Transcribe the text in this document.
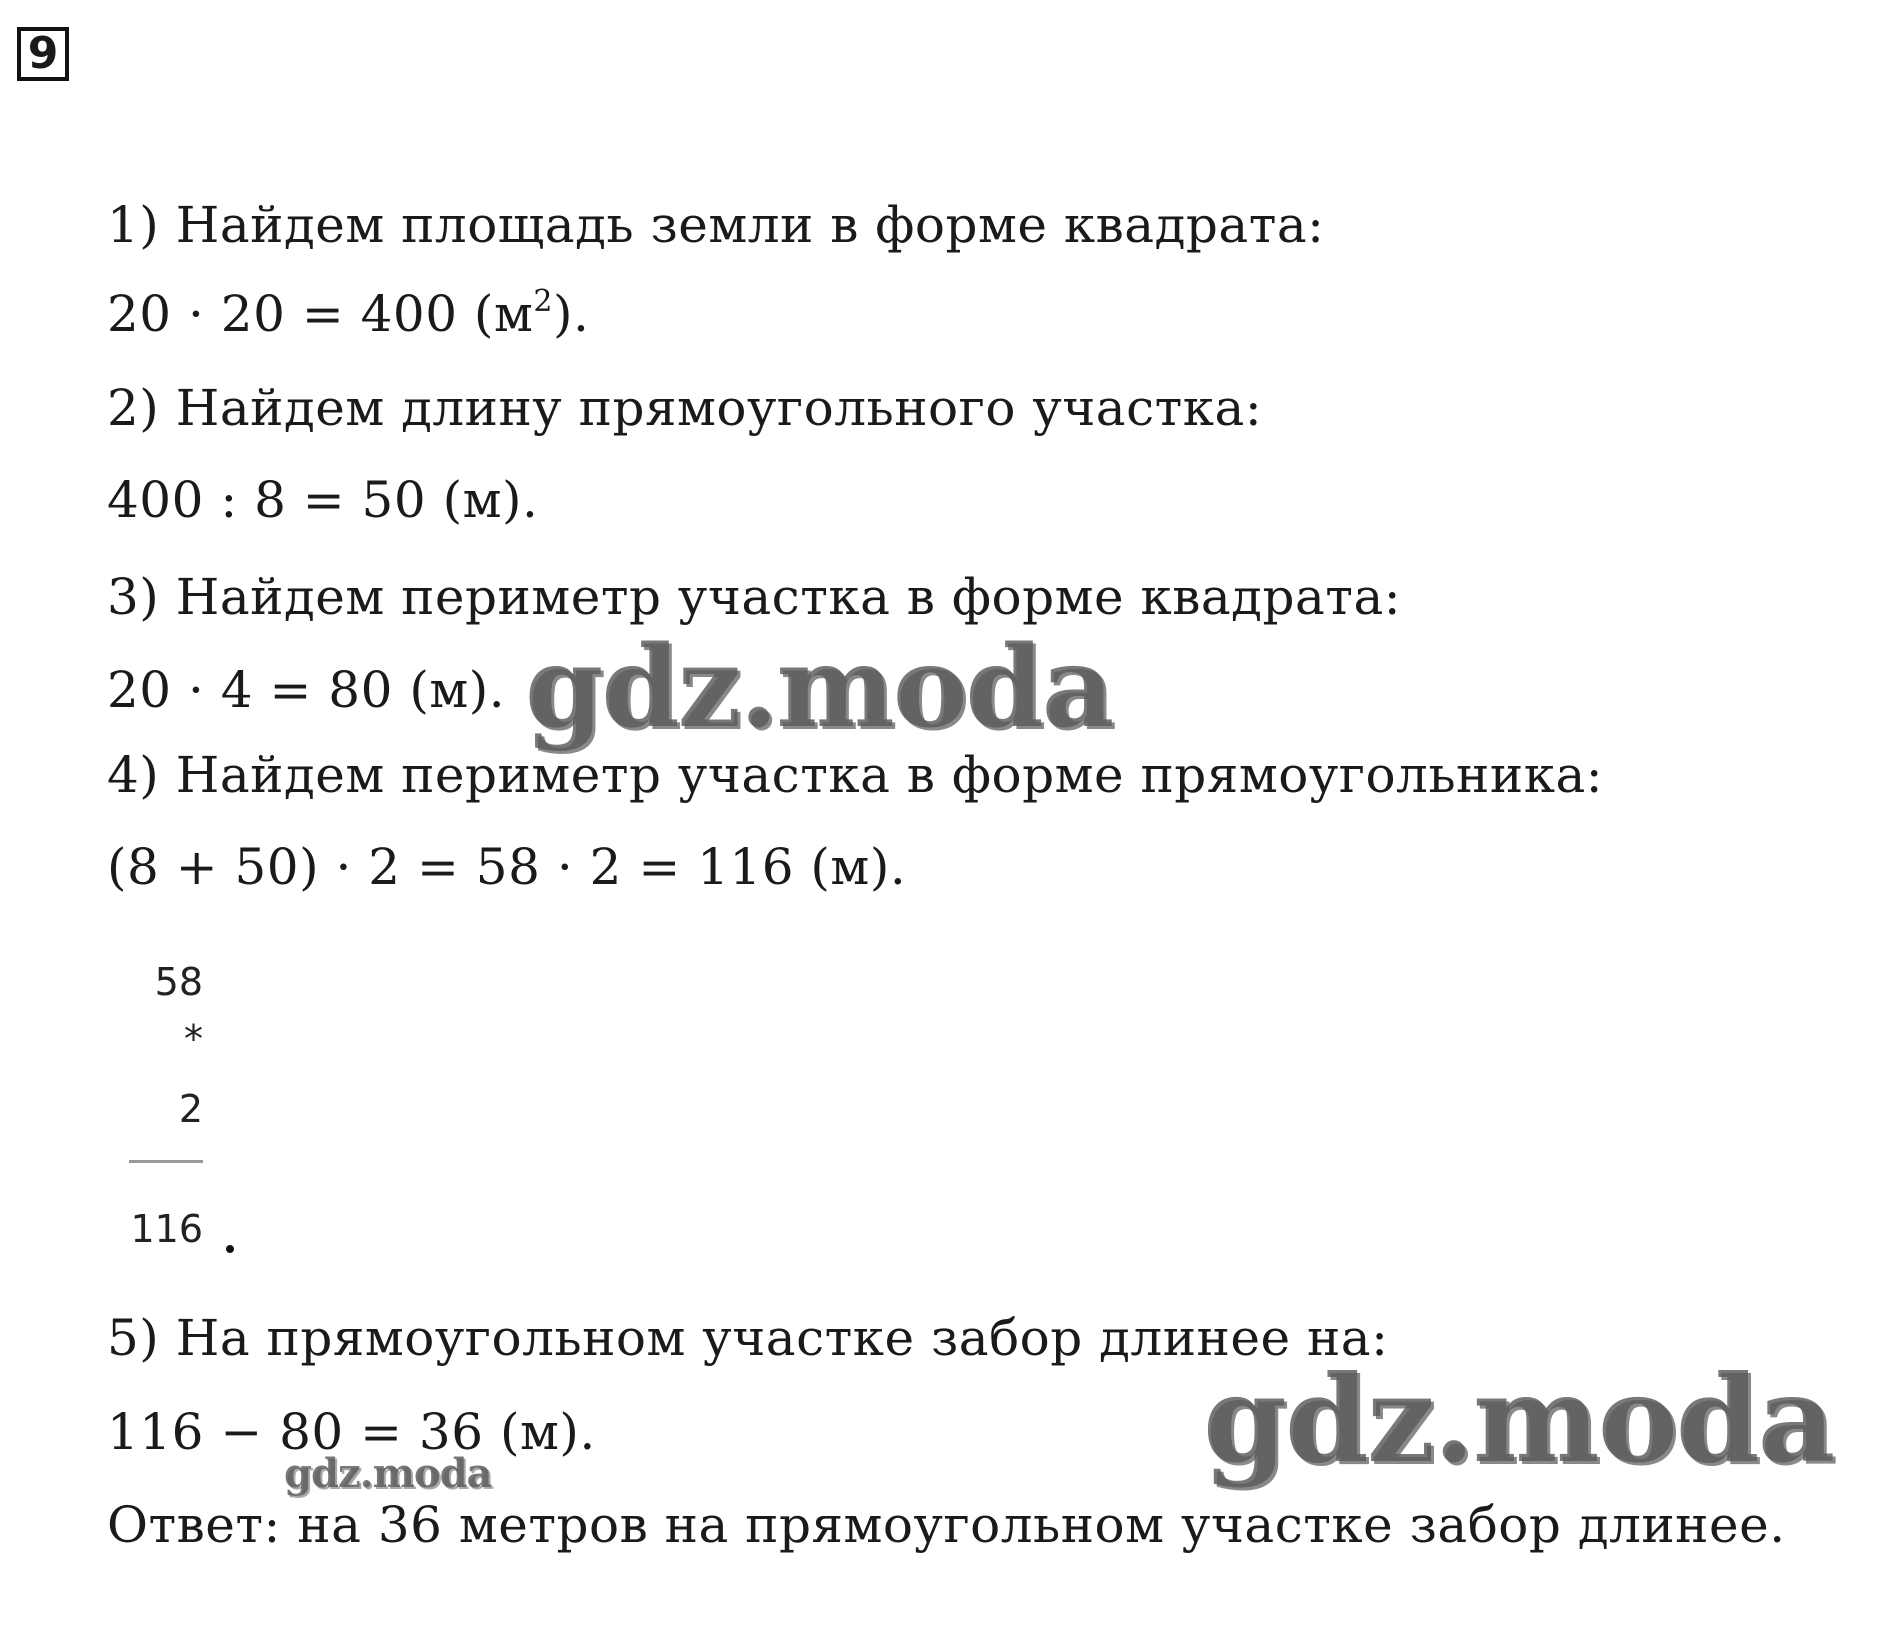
9
1) Найдем площадь земли в форме квадрата:
20 · 20 = 400 $(м^2)$.
2) Найдем длину прямоугольного участка:
400 : 8 = 50 (м).
3) Найдем периметр участка в форме квадрата:
20 · 4 = 80 (м).
4) Найдем периметр участка в форме прямоугольника:
(8 + 50) · 2 = 58 · 2 = 116 (м).
58
*
2
116
5) На прямоугольном участке забор длинее на:
116 − 80 = 36 (м).
Ответ: на 36 метров на прямоугольном участке забор длинее.
gdz.moda
gdz.moda
gdz.moda
